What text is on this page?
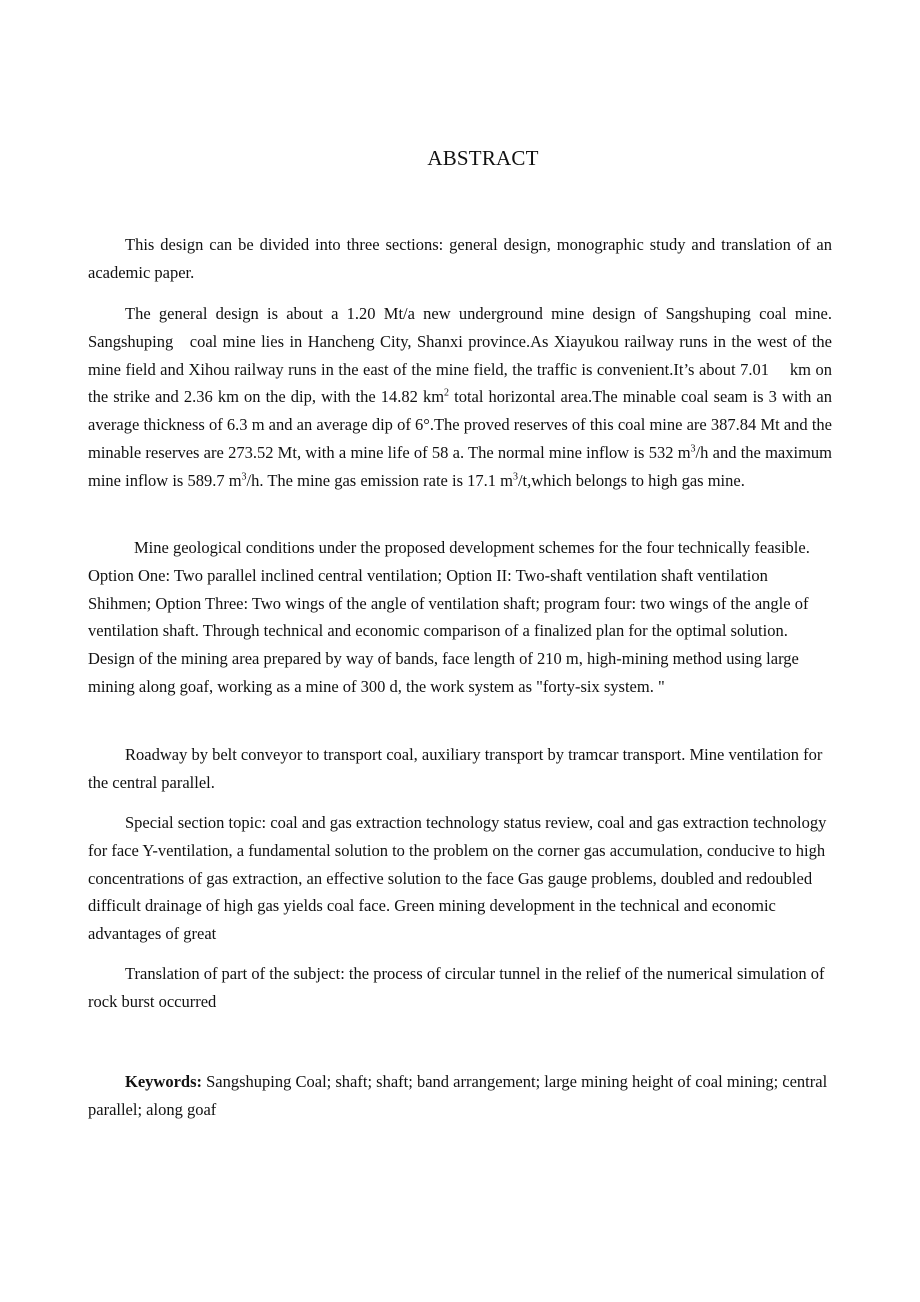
ABSTRACT

This design can be divided into three sections: general design, monographic study and translation of an academic paper.

The general design is about a 1.20 Mt/a new underground mine design of Sangshuping coal mine. Sangshuping coal mine lies in Hancheng City, Shanxi province.As Xiayukou railway runs in the west of the mine field and Xihou railway runs in the east of the mine field, the traffic is convenient.It’s about 7.01  km on the strike and 2.36 km on the dip, with the 14.82 $km^2$ total horizontal area.The minable coal seam is 3 with an average thickness of 6.3 m and an average dip of 6°.The proved reserves of this coal mine are 387.84 Mt and the minable reserves are 273.52 Mt, with a mine life of 58 a. The normal mine inflow is 532 $m^3/h$ and the maximum mine inflow is 589.7 $m^3/h$. The mine gas emission rate is 17.1 $m^3/t,which$ belongs to high gas mine.

Mine geological conditions under the proposed development schemes for the four technically feasible. Option One: Two parallel inclined central ventilation; Option II: Two-shaft ventilation shaft ventilation Shihmen; Option Three: Two wings of the angle of ventilation shaft; program four: two wings of the angle of ventilation shaft. Through technical and economic comparison of a finalized plan for the optimal solution. Design of the mining area prepared by way of bands, face length of 210 m, high-mining method using large mining along goaf, working as a mine of 300 d, the work system as "forty-six system. "

Roadway by belt conveyor to transport coal, auxiliary transport by tramcar transport. Mine ventilation for the central parallel.

Special section topic: coal and gas extraction technology status review, coal and gas extraction technology for face Y-ventilation, a fundamental solution to the problem on the corner gas accumulation, conducive to high concentrations of gas extraction, an effective solution to the face Gas gauge problems, doubled and redoubled difficult drainage of high gas yields coal face. Green mining development in the technical and economic advantages of great

Translation of part of the subject: the process of circular tunnel in the relief of the numerical simulation of rock burst occurred

Keywords: Sangshuping Coal; shaft; shaft; band arrangement; large mining height of coal mining; central parallel; along goaf
